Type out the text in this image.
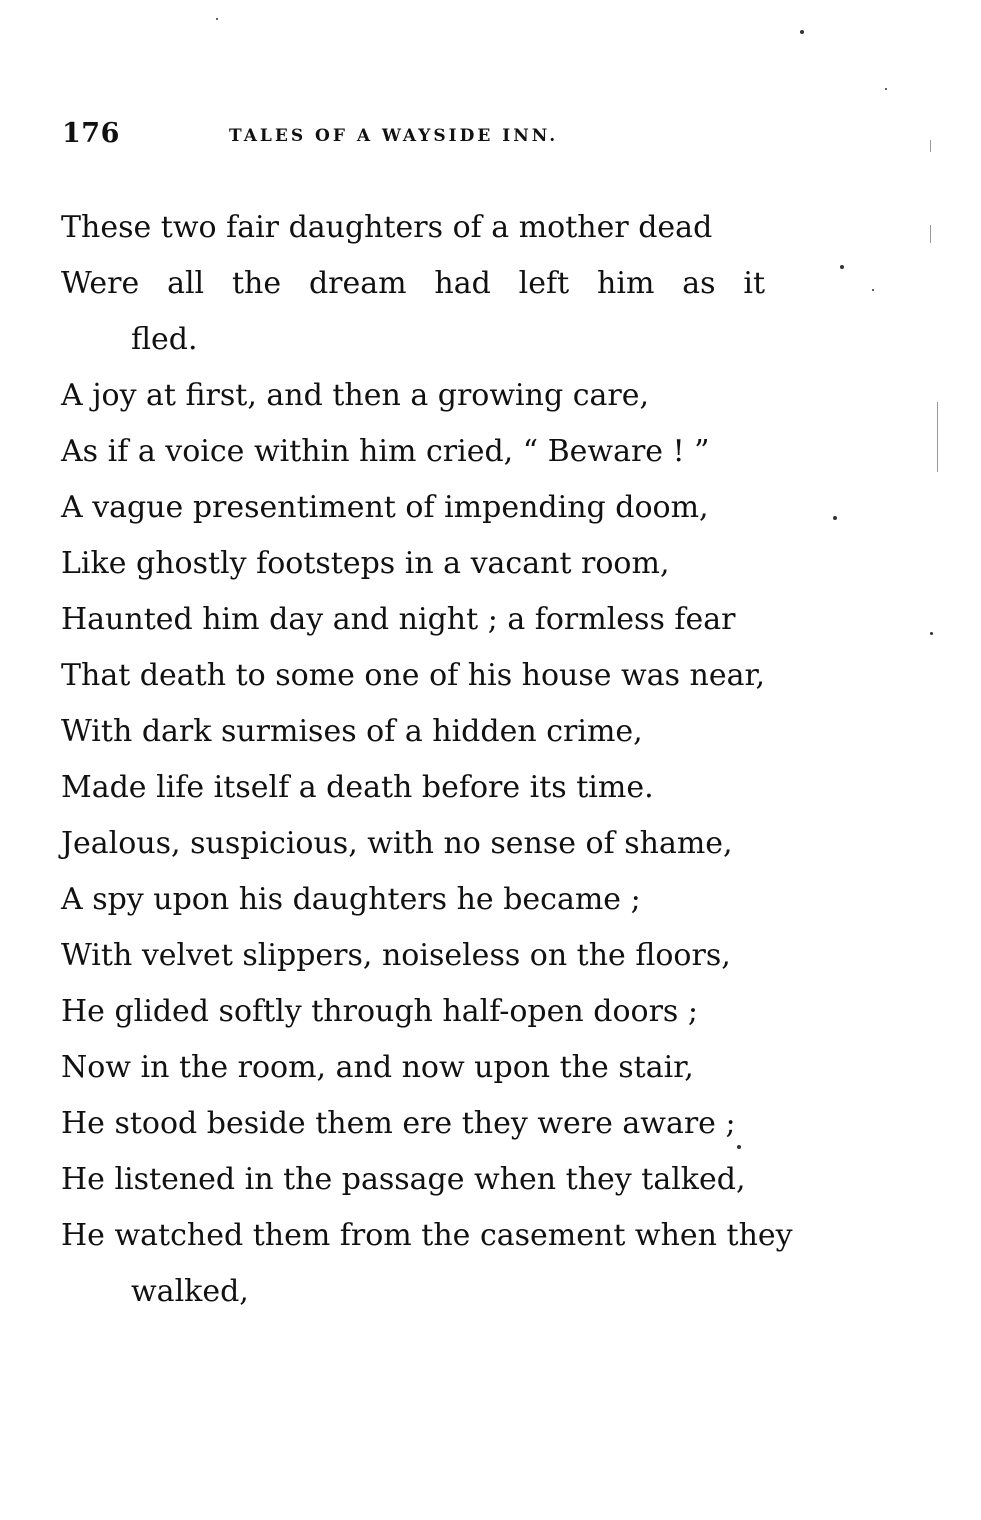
176	TALES OF A WAYSIDE INN.
These two fair daughters of a mother dead
Were all the dream had left him as it
fled.
A joy at first, and then a growing care,
As if a voice within him cried, “ Beware ! ”
A vague presentiment of impending doom,
Like ghostly footsteps in a vacant room,
Haunted him day and night ; a formless fear
That death to some one of his house was near,
With dark surmises of a hidden crime,
Made life itself a death before its time.
Jealous, suspicious, with no sense of shame,
A spy upon his daughters he became ;
With velvet slippers, noiseless on the floors,
He glided softly through half-open doors ;
Now in the room, and now upon the stair,
He stood beside them ere they were aware ;
He listened in the passage when they talked,
He watched them from the casement when they
walked,
